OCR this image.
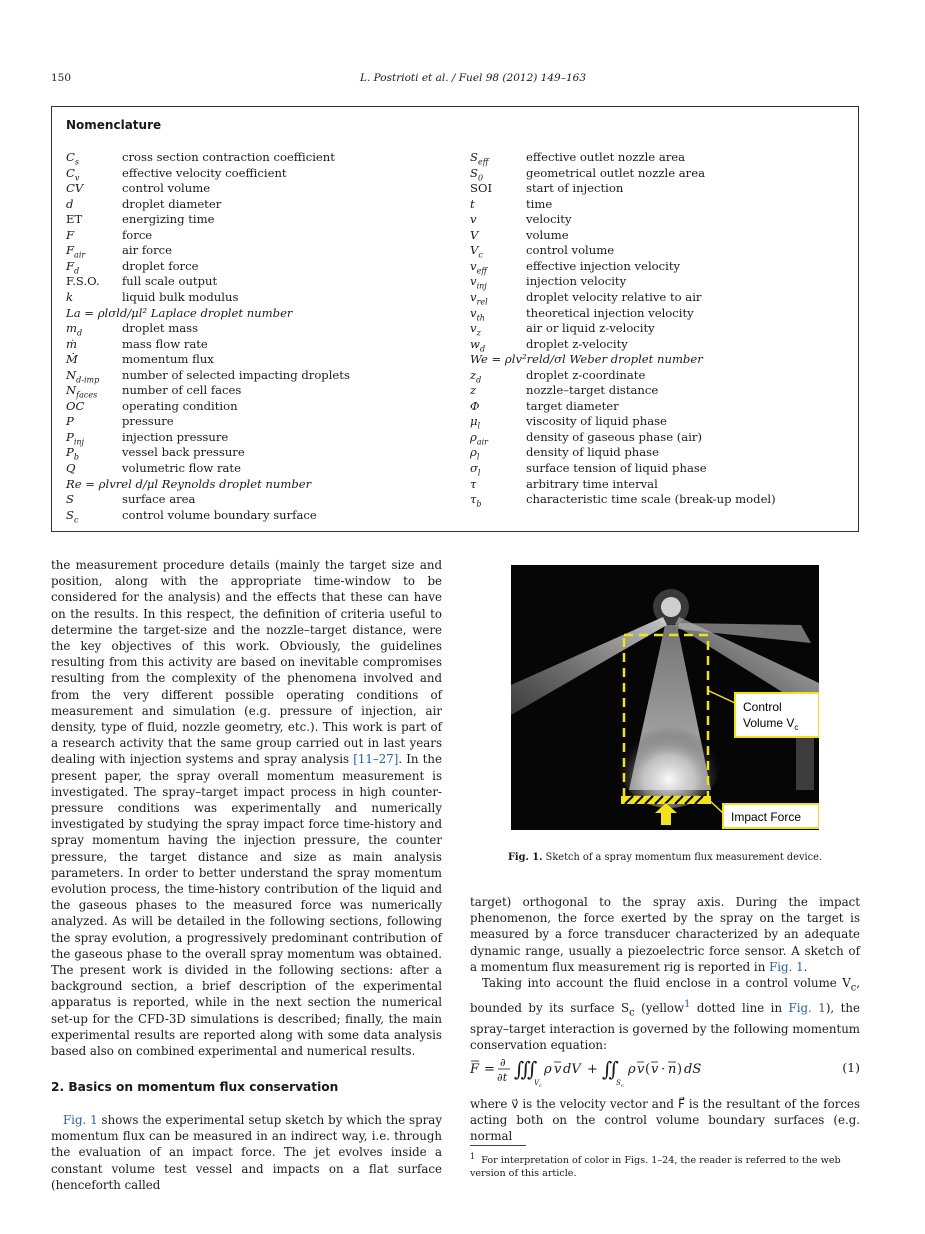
150	L. Postrioti et al. / Fuel 98 (2012) 149–163
Nomenclature
$C_s$	cross section contraction coefficient
$C_v$	effective velocity coefficient
CV	control volume
d	droplet diameter
ET	energizing time
F	force
$F_{air}$	air force
$F_d$	droplet force
F.S.O. full scale output
k	liquid bulk modulus
La = ρlσld/μl² Laplace droplet number
$m_d$	droplet mass
ṁ	mass flow rate
Ṁ	momentum flux
$N_{d-imp}$ number of selected impacting droplets
$N_{faces}$ number of cell faces
OC	operating condition
P	pressure
$P_{inj}$	injection pressure
$P_b$	vessel back pressure
Q	volumetric flow rate
Re = ρlvrel d/μl Reynolds droplet number
S	surface area
$S_c$	control volume boundary surface
$S_{eff}$	effective outlet nozzle area
$S_0$	geometrical outlet nozzle area
SOI	start of injection
t	time
v	velocity
V	volume
$V_c$	control volume
$v_{eff}$	effective injection velocity
$v_{inj}$	injection velocity
$v_{rel}$	droplet velocity relative to air
$v_{th}$	theoretical injection velocity
$v_z$	air or liquid z-velocity
$w_d$	droplet z-velocity
We = ρlv²reld/σl Weber droplet number
$z_d$	droplet z-coordinate
z	nozzle–target distance
Φ	target diameter
$\mu_l$	viscosity of liquid phase
$\rho_{air}$	density of gaseous phase (air)
$\rho_l$	density of liquid phase
$\sigma_l$	surface tension of liquid phase
τ	arbitrary time interval
$\tau_b$	characteristic time scale (break-up model)

the measurement procedure details (mainly the target size and position, along with the appropriate time-window to be considered for the analysis) and the effects that these can have on the results. In this respect, the definition of criteria useful to determine the target-size and the nozzle–target distance, were the key objectives of this work. Obviously, the guidelines resulting from this activity are based on inevitable compromises resulting from the complexity of the phenomena involved and from the very different possible operating conditions of measurement and simulation (e.g. pressure of injection, air density, type of fluid, nozzle geometry, etc.). This work is part of a research activity that the same group carried out in last years dealing with injection systems and spray analysis [11–27]. In the present paper, the spray overall momentum measurement is investigated. The spray–target impact process in high counter-pressure conditions was experimentally and numerically investigated by studying the spray impact force time-history and spray momentum having the injection pressure, the counter pressure, the target distance and size as main analysis parameters. In order to better understand the spray momentum evolution process, the time-history contribution of the liquid and the gaseous phases to the measured force was numerically analyzed. As will be detailed in the following sections, following the spray evolution, a progressively predominant contribution of the gaseous phase to the overall spray momentum was obtained. The present work is divided in the following sections: after a background section, a brief description of the experimental apparatus is reported, while in the next section the numerical set-up for the CFD-3D simulations is described; finally, the main experimental results are reported along with some data analysis based also on combined experimental and numerical results.

2. Basics on momentum flux conservation

Fig. 1 shows the experimental setup sketch by which the spray momentum flux can be measured in an indirect way, i.e. through the evaluation of an impact force. The jet evolves inside a constant volume test vessel and impacts on a flat surface (henceforth called

Control
Volume $V_c$
Impact Force
Fig. 1. Sketch of a spray momentum flux measurement device.

target) orthogonal to the spray axis. During the impact phenomenon, the force exerted by the spray on the target is measured by a force transducer characterized by an adequate dynamic range, usually a piezoelectric force sensor. A sketch of a momentum flux measurement rig is reported in Fig. 1.

Taking into account the fluid enclose in a control volume $V_c$, bounded by its surface $S_c$ (yellow$^1$ dotted line in Fig. 1), the spray–target interaction is governed by the following momentum conservation equation:

F = ∂
∂t ∭
V c
ρ v dV + ∬
S c
ρ v ( v · n ) dS	(1)

where v⃗ is the velocity vector and F⃗ is the resultant of the forces acting both on the control volume boundary surfaces (e.g. normal

$^1$ For interpretation of color in Figs. 1–24, the reader is referred to the web version of this article.
